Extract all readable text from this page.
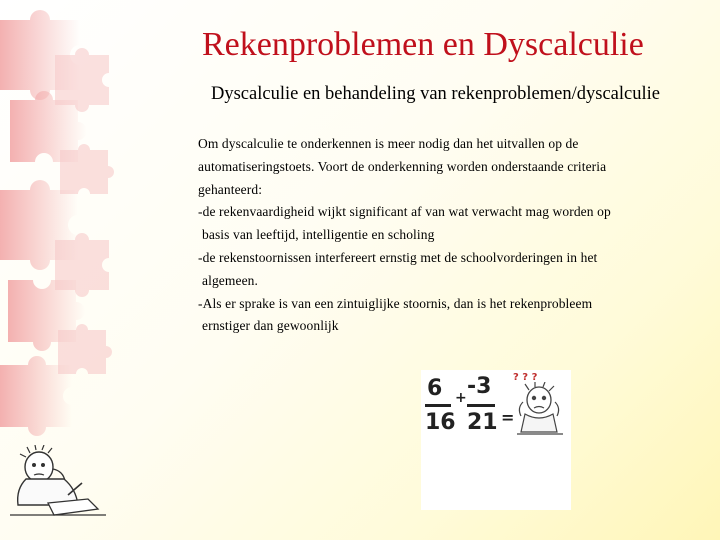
Rekenproblemen en Dyscalculie
Dyscalculie en behandeling van rekenproblemen/dyscalculie

Om dyscalculie te onderkennen is meer nodig dan het uitvallen op de

automatiseringstoets. Voort de onderkenning worden onderstaande criteria

gehanteerd:

-de rekenvaardigheid wijkt significant af van wat verwacht mag worden op

basis van leeftijd, intelligentie en scholing

-de rekenstoornissen interfereert ernstig met de schoolvorderingen in het

algemeen.

-Als er sprake is van een zintuiglijke stoornis, dan is het rekenprobleem

ernstiger dan gewoonlijk

6
16
+ -3
21 =
? ? ?
